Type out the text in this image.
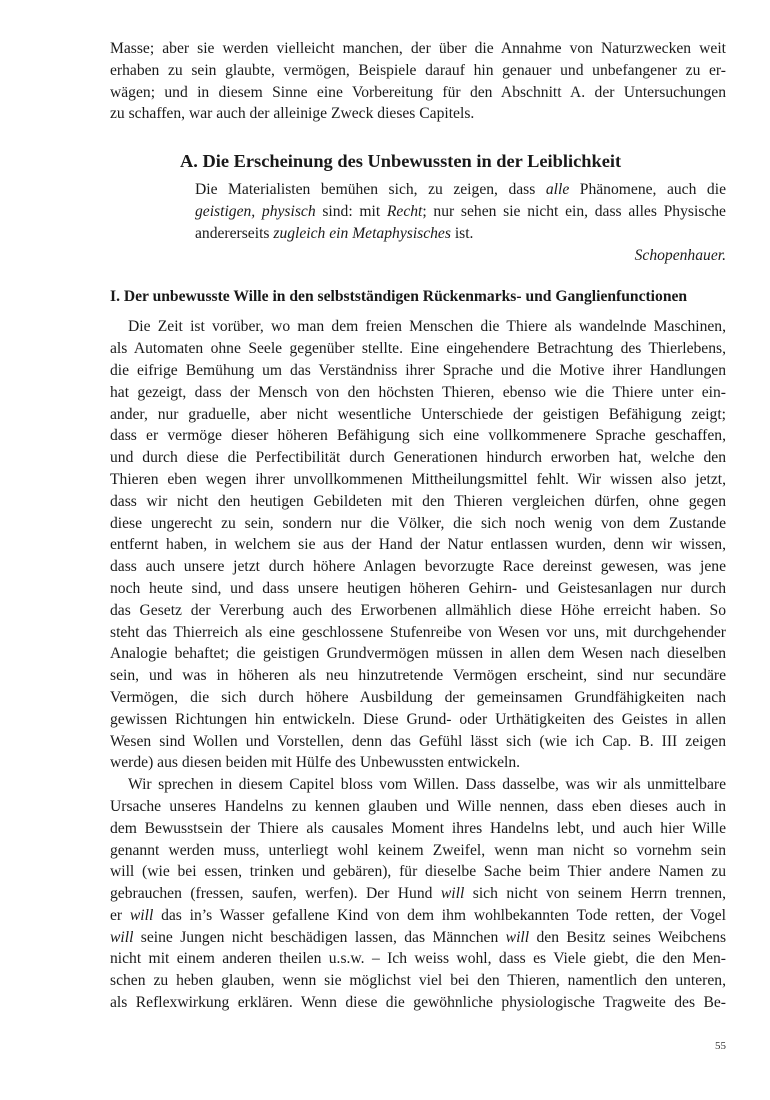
Masse; aber sie werden vielleicht manchen, der über die Annahme von Naturzwecken weit
erhaben zu sein glaubte, vermögen, Beispiele darauf hin genauer und unbefangener zu er-
wägen; und in diesem Sinne eine Vorbereitung für den Abschnitt A. der Untersuchungen
zu schaffen, war auch der alleinige Zweck dieses Capitels.
A. Die Erscheinung des Unbewussten in der Leiblichkeit
Die Materialisten bemühen sich, zu zeigen, dass alle Phänomene, auch die
geistigen, physisch sind: mit Recht; nur sehen sie nicht ein, dass alles Physische
andererseits zugleich ein Metaphysisches ist.
Schopenhauer.
I. Der unbewusste Wille in den selbstständigen Rückenmarks- und Ganglienfunctionen
Die Zeit ist vorüber, wo man dem freien Menschen die Thiere als wandelnde Maschinen,
als Automaten ohne Seele gegenüber stellte. Eine eingehendere Betrachtung des Thierlebens,
die eifrige Bemühung um das Verständniss ihrer Sprache und die Motive ihrer Handlungen
hat gezeigt, dass der Mensch von den höchsten Thieren, ebenso wie die Thiere unter ein-
ander, nur graduelle, aber nicht wesentliche Unterschiede der geistigen Befähigung zeigt;
dass er vermöge dieser höheren Befähigung sich eine vollkommenere Sprache geschaffen,
und durch diese die Perfectibilität durch Generationen hindurch erworben hat, welche den
Thieren eben wegen ihrer unvollkommenen Mittheilungsmittel fehlt. Wir wissen also jetzt,
dass wir nicht den heutigen Gebildeten mit den Thieren vergleichen dürfen, ohne gegen
diese ungerecht zu sein, sondern nur die Völker, die sich noch wenig von dem Zustande
entfernt haben, in welchem sie aus der Hand der Natur entlassen wurden, denn wir wissen,
dass auch unsere jetzt durch höhere Anlagen bevorzugte Race dereinst gewesen, was jene
noch heute sind, und dass unsere heutigen höheren Gehirn- und Geistesanlagen nur durch
das Gesetz der Vererbung auch des Erworbenen allmählich diese Höhe erreicht haben. So
steht das Thierreich als eine geschlossene Stufenreibe von Wesen vor uns, mit durchgehender
Analogie behaftet; die geistigen Grundvermögen müssen in allen dem Wesen nach dieselben
sein, und was in höheren als neu hinzutretende Vermögen erscheint, sind nur secundäre
Vermögen, die sich durch höhere Ausbildung der gemeinsamen Grundfähigkeiten nach
gewissen Richtungen hin entwickeln. Diese Grund- oder Urthätigkeiten des Geistes in allen
Wesen sind Wollen und Vorstellen, denn das Gefühl lässt sich (wie ich Cap. B. III zeigen
werde) aus diesen beiden mit Hülfe des Unbewussten entwickeln.
Wir sprechen in diesem Capitel bloss vom Willen. Dass dasselbe, was wir als unmittelbare
Ursache unseres Handelns zu kennen glauben und Wille nennen, dass eben dieses auch in
dem Bewusstsein der Thiere als causales Moment ihres Handelns lebt, und auch hier Wille
genannt werden muss, unterliegt wohl keinem Zweifel, wenn man nicht so vornehm sein
will (wie bei essen, trinken und gebären), für dieselbe Sache beim Thier andere Namen zu
gebrauchen (fressen, saufen, werfen). Der Hund will sich nicht von seinem Herrn trennen,
er will das in’s Wasser gefallene Kind von dem ihm wohlbekannten Tode retten, der Vogel
will seine Jungen nicht beschädigen lassen, das Männchen will den Besitz seines Weibchens
nicht mit einem anderen theilen u.s.w. – Ich weiss wohl, dass es Viele giebt, die den Men-
schen zu heben glauben, wenn sie möglichst viel bei den Thieren, namentlich den unteren,
als Reflexwirkung erklären. Wenn diese die gewöhnliche physiologische Tragweite des Be-
55
